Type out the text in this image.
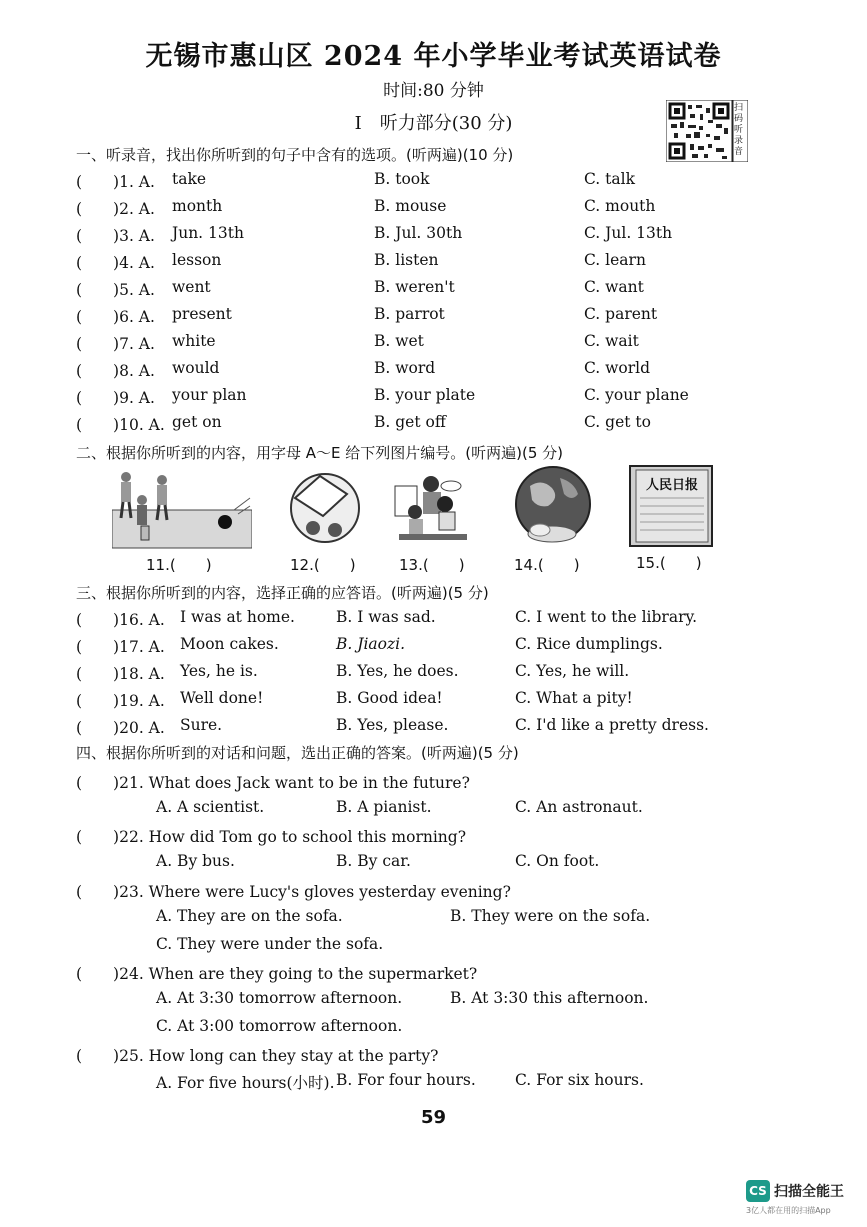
无锡市惠山区 2024 年小学毕业考试英语试卷
时间:80 分钟
Ⅰ　听力部分(30 分)
扫码听录音
一、听录音，找出你所听到的句子中含有的选项。(听两遍)(10 分)
(　　)1. A. take	B. took	C. talk
(　　)2. A. month	B. mouse	C. mouth
(　　)3. A. Jun. 13th	B. Jul. 30th	C. Jul. 13th
(　　)4. A. lesson	B. listen	C. learn
(　　)5. A. went	B. weren't	C. want
(　　)6. A. present	B. parrot	C. parent
(　　)7. A. white	B. wet	C. wait
(　　)8. A. would	B. word	C. world
(　　)9. A. your plan	B. your plate	C. your plane
(　　)10. A. get on	B. get off	C. get to
二、根据你所听到的内容，用字母 A～E 给下列图片编号。(听两遍)(5 分)
人民日报
11.(　　)	12.(　　)	13.(　　)	14.(　　)	15.(　　)
三、根据你所听到的内容，选择正确的应答语。(听两遍)(5 分)
(　　)16. A. I was at home.	B. I was sad.	C. I went to the library.
(　　)17. A. Moon cakes.	B. Jiaozi.	C. Rice dumplings.
(　　)18. A. Yes, he is.	B. Yes, he does.	C. Yes, he will.
(　　)19. A. Well done!	B. Good idea!	C. What a pity!
(　　)20. A. Sure.	B. Yes, please.	C. I'd like a pretty dress.
四、根据你所听到的对话和问题，选出正确的答案。(听两遍)(5 分)
(　　)21. What does Jack want to be in the future?
A. A scientist.	B. A pianist.	C. An astronaut.
(　　)22. How did Tom go to school this morning?
A. By bus.	B. By car.	C. On foot.
(　　)23. Where were Lucy's gloves yesterday evening?
A. They are on the sofa.	B. They were on the sofa.
C. They were under the sofa.
(　　)24. When are they going to the supermarket?
A. At 3:30 tomorrow afternoon.	B. At 3:30 this afternoon.
C. At 3:00 tomorrow afternoon.
(　　)25. How long can they stay at the party?
A. For five hours(小时). B. For four hours.	C. For six hours.
59
CS 扫描全能王
3亿人都在用的扫描App
